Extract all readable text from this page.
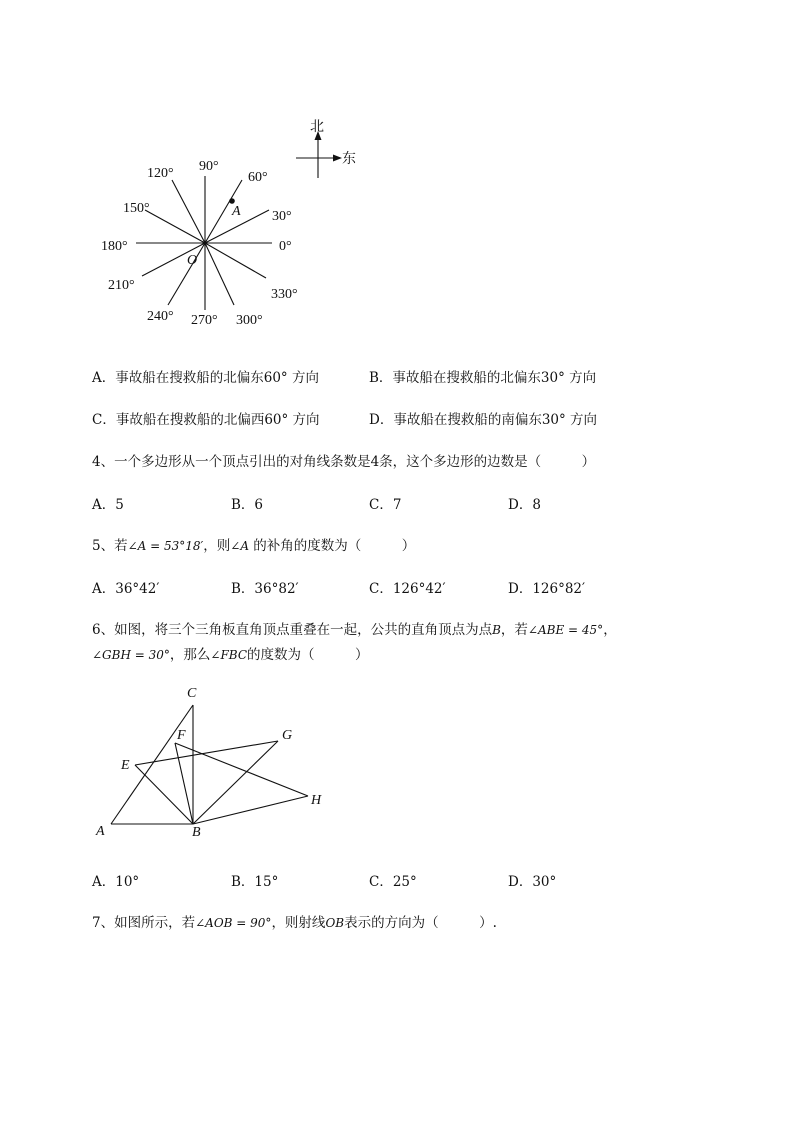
北
东
A
O
90°
120°	60°
150°
30°
180°	0°
210°
330°
240° 270° 300°
A．事故船在搜救船的北偏东60° 方向	B．事故船在搜救船的北偏东30° 方向
C．事故船在搜救船的北偏西60° 方向	D．事故船在搜救船的南偏东30° 方向
4、一个多边形从一个顶点引出的对角线条数是4条，这个多边形的边数是（　　　）
A．5	B．6	C．7	D．8
5、若∠A = 53°18′，则∠A 的补角的度数为（　　　）
A．36°42′	B．36°82′	C．126°42′	D．126°82′
6、如图，将三个三角板直角顶点重叠在一起，公共的直角顶点为点B，若∠ABE = 45°，
∠GBH = 30°，那么∠FBC的度数为（　　　）
C
F	G
E
H
A	B
A．10°	B．15°	C．25°	D．30°
7、如图所示，若∠AOB = 90°，则射线OB表示的方向为（　　　）.
